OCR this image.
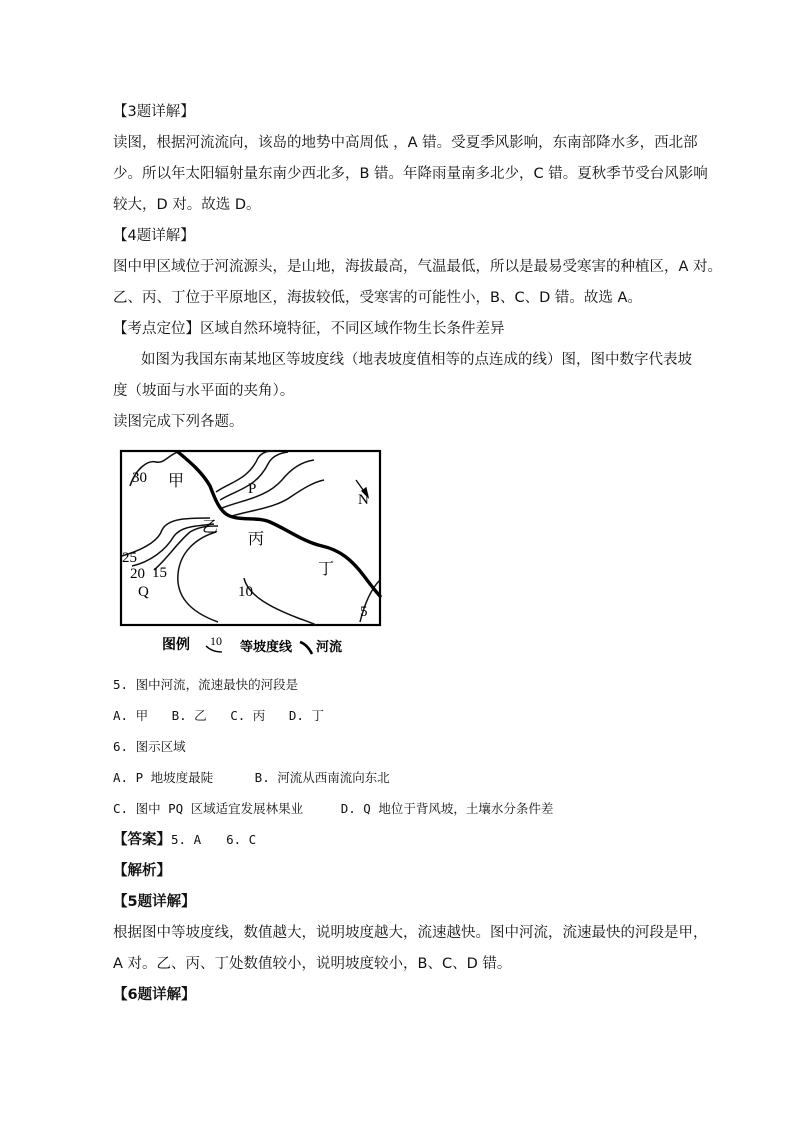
【3题详解】
读图，根据河流流向，该岛的地势中高周低 ，A 错。受夏季风影响，东南部降水多，西北部
少。所以年太阳辐射量东南少西北多，B 错。年降雨量南多北少，C 错。夏秋季节受台风影响
较大，D 对。故选 D。
【4题详解】
图中甲区域位于河流源头，是山地，海拔最高，气温最低，所以是最易受寒害的种植区，A 对。
乙、丙、丁位于平原地区，海拔较低，受寒害的可能性小，B、C、D 错。故选 A。
【考点定位】区域自然环境特征，不同区域作物生长条件差异
如图为我国东南某地区等坡度线（地表坡度值相等的点连成的线）图，图中数字代表坡
度（坡面与水平面的夹角）。
读图完成下列各题。
30 甲	P
N
乙
丙
25
20 15	丁
Q	10
5
图例 10 等坡度线 河流
5. 图中河流，流速最快的河段是
A. 甲 B. 乙 C. 丙 D. 丁
6. 图示区域
A. P 地坡度最陡	B. 河流从西南流向东北
C. 图中 PQ 区域适宜发展林果业	D. Q 地位于背风坡，土壤水分条件差
【答案】5. A　　6. C
【解析】
【5题详解】
根据图中等坡度线，数值越大，说明坡度越大，流速越快。图中河流，流速最快的河段是甲，
A 对。乙、丙、丁处数值较小，说明坡度较小，B、C、D 错。
【6题详解】
